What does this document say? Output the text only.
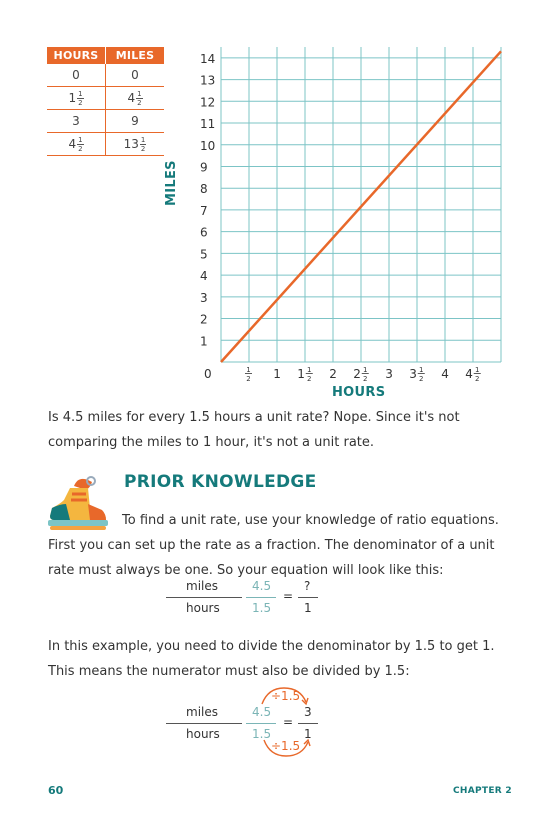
HOURS	MILES
0	0
$1 \frac{1}{2}$	$4 \frac{1}{2}$

3	9
$4 \frac{1}{2}$	$13 \frac{1}{2}$
1
2
3
4
5
6
7
8
9
10
11
12
13
14
0	1
2 1 1 1
2 2 2 1
2 3 3 1
2 4 4 1
2
MILES
HOURS
Is 4.5 miles for every 1.5 hours a unit rate? Nope. Since it's not comparing the miles to 1 hour, it's not a unit rate.
PRIOR KNOWLEDGE
To find a unit rate, use your knowledge of ratio equations. First you can set up the rate as a fraction. The denominator of a unit rate must always be one. So your equation will look like this:
miles
hours
4.5
1.5
=
?
1
In this example, you need to divide the denominator by 1.5 to get 1. This means the numerator must also be divided by 1.5:
÷1.5
÷1.5
miles
hours
4.5
1.5
=
3
1
60	CHAPTER 2
